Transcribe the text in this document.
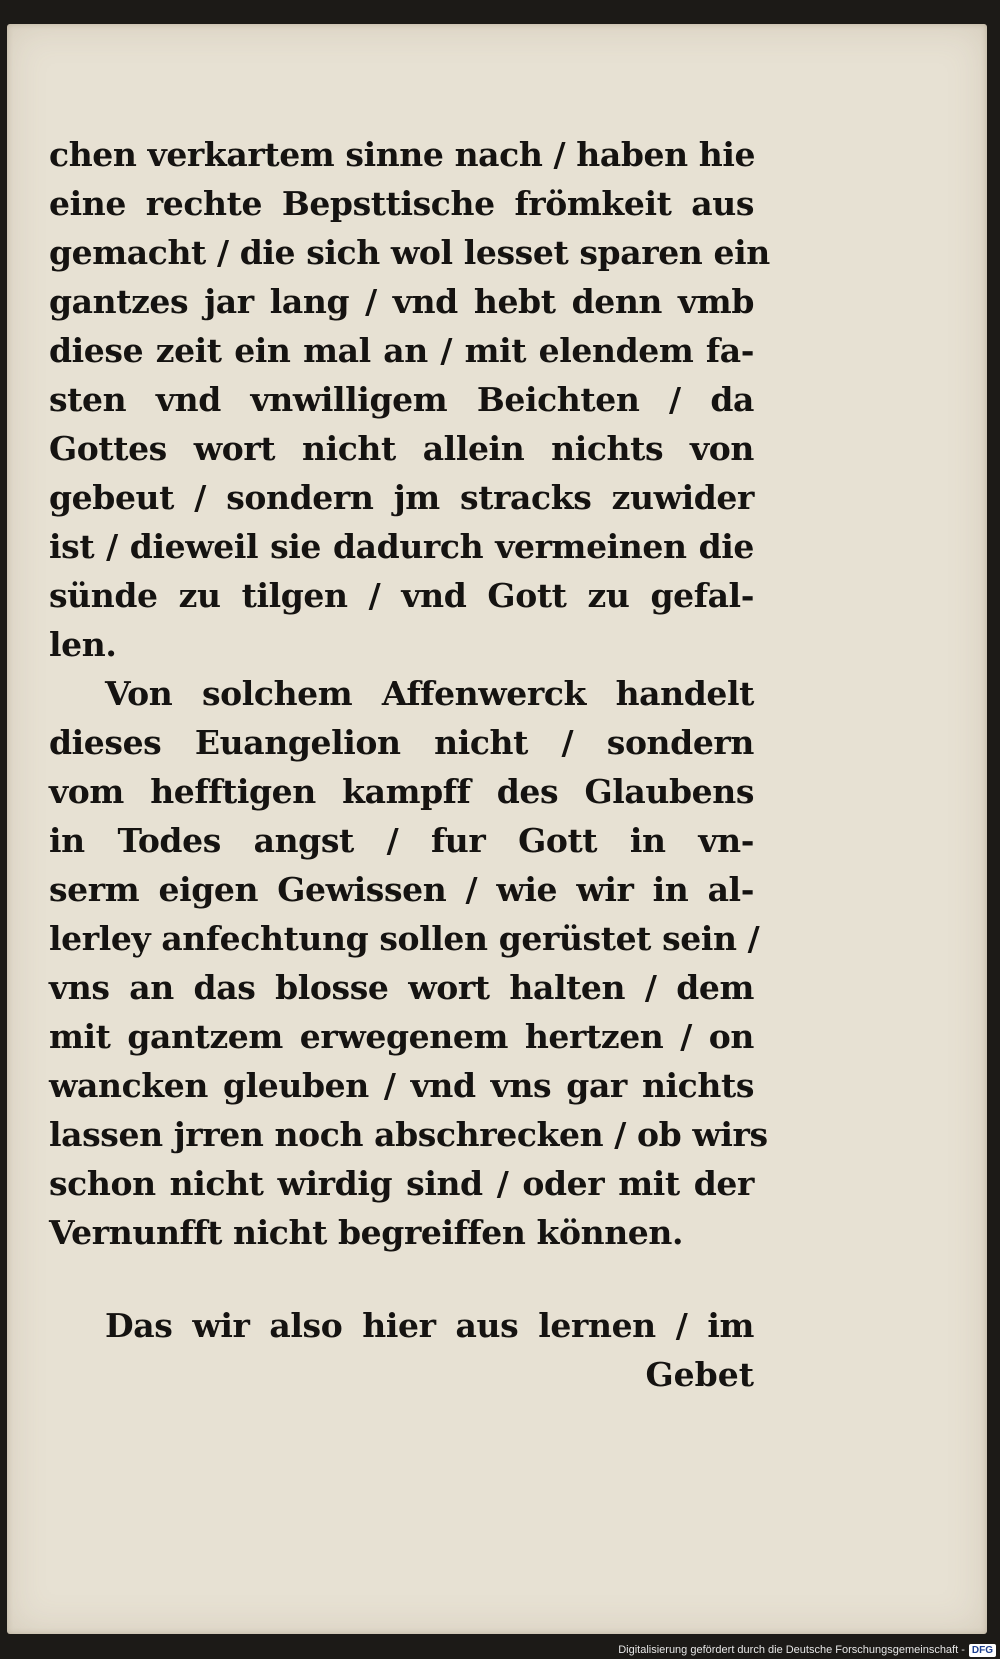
chen verkartem sinne nach / haben hie
eine rechte Bepsttische frömkeit aus
gemacht / die sich wol lesset sparen ein
gantzes jar lang / vnd hebt denn vmb
diese zeit ein mal an / mit elendem fa-
sten vnd vnwilligem Beichten / da
Gottes wort nicht allein nichts von
gebeut / sondern jm stracks zuwider
ist / dieweil sie dadurch vermeinen die
sünde zu tilgen / vnd Gott zu gefal-
len.
Von solchem Affenwerck handelt
dieses Euangelion nicht / sondern
vom hefftigen kampff des Glaubens
in Todes angst / fur Gott in vn-
serm eigen Gewissen / wie wir in al-
lerley anfechtung sollen gerüstet sein /
vns an das blosse wort halten / dem
mit gantzem erwegenem hertzen / on
wancken gleuben / vnd vns gar nichts
lassen jrren noch abschrecken / ob wirs
schon nicht wirdig sind / oder mit der
Vernunfft nicht begreiffen können.
Das wir also hier aus lernen / im
Gebet
Digitalisierung gefördert durch die Deutsche Forschungsgemeinschaft - DFG
